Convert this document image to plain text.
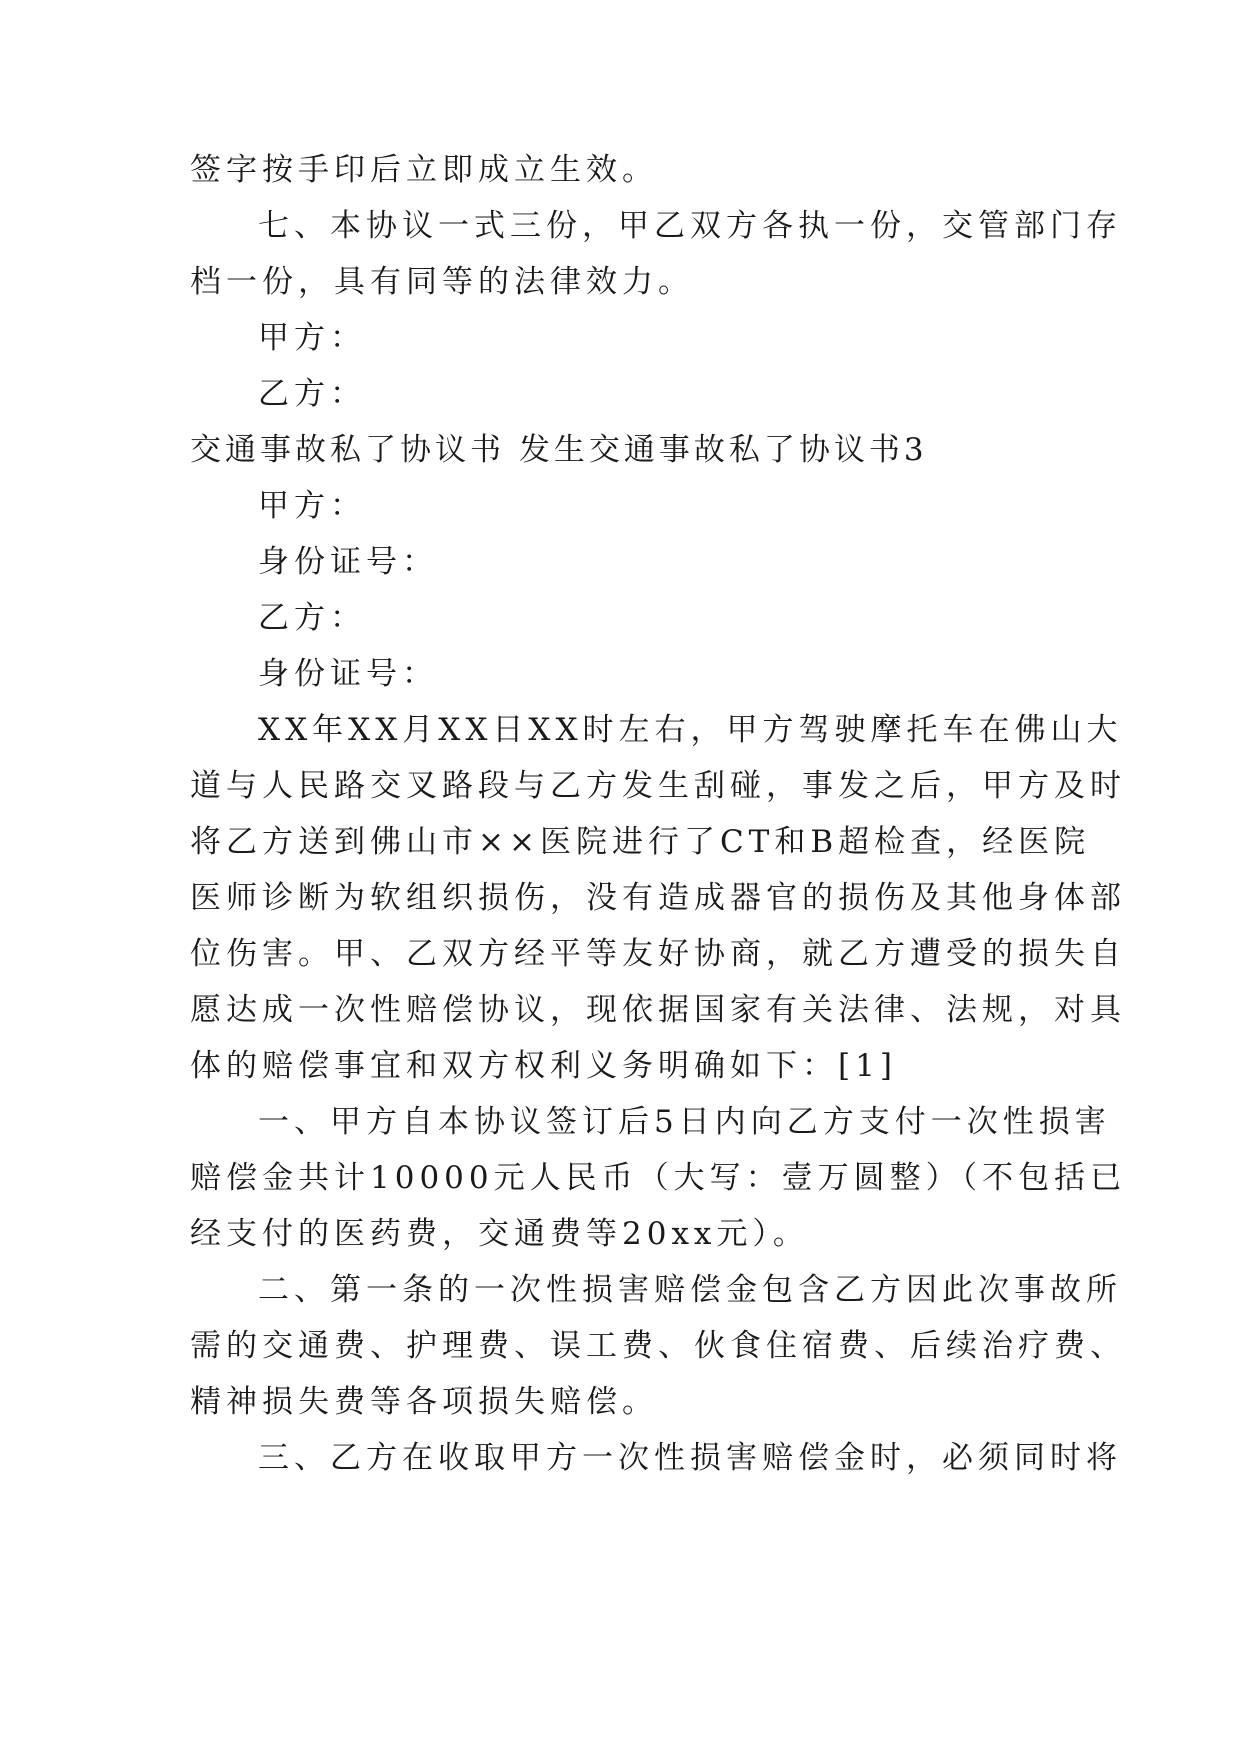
签字按手印后立即成立生效。
七、本协议一式三份，甲乙双方各执一份，交管部门存
档一份，具有同等的法律效力。
甲方：
乙方：
交通事故私了协议书 发生交通事故私了协议书3
甲方：
身份证号：
乙方：
身份证号：
XX年XX月XX日XX时左右，甲方驾驶摩托车在佛山大
道与人民路交叉路段与乙方发生刮碰，事发之后，甲方及时
将乙方送到佛山市××医院进行了CT和B超检查，经医院
医师诊断为软组织损伤，没有造成器官的损伤及其他身体部
位伤害。甲、乙双方经平等友好协商，就乙方遭受的损失自
愿达成一次性赔偿协议，现依据国家有关法律、法规，对具
体的赔偿事宜和双方权利义务明确如下：[1]
一、甲方自本协议签订后5日内向乙方支付一次性损害
赔偿金共计10000元人民币（大写：壹万圆整）（不包括已
经支付的医药费，交通费等20xx元）。
二、第一条的一次性损害赔偿金包含乙方因此次事故所
需的交通费、护理费、误工费、伙食住宿费、后续治疗费、
精神损失费等各项损失赔偿。
三、乙方在收取甲方一次性损害赔偿金时，必须同时将
